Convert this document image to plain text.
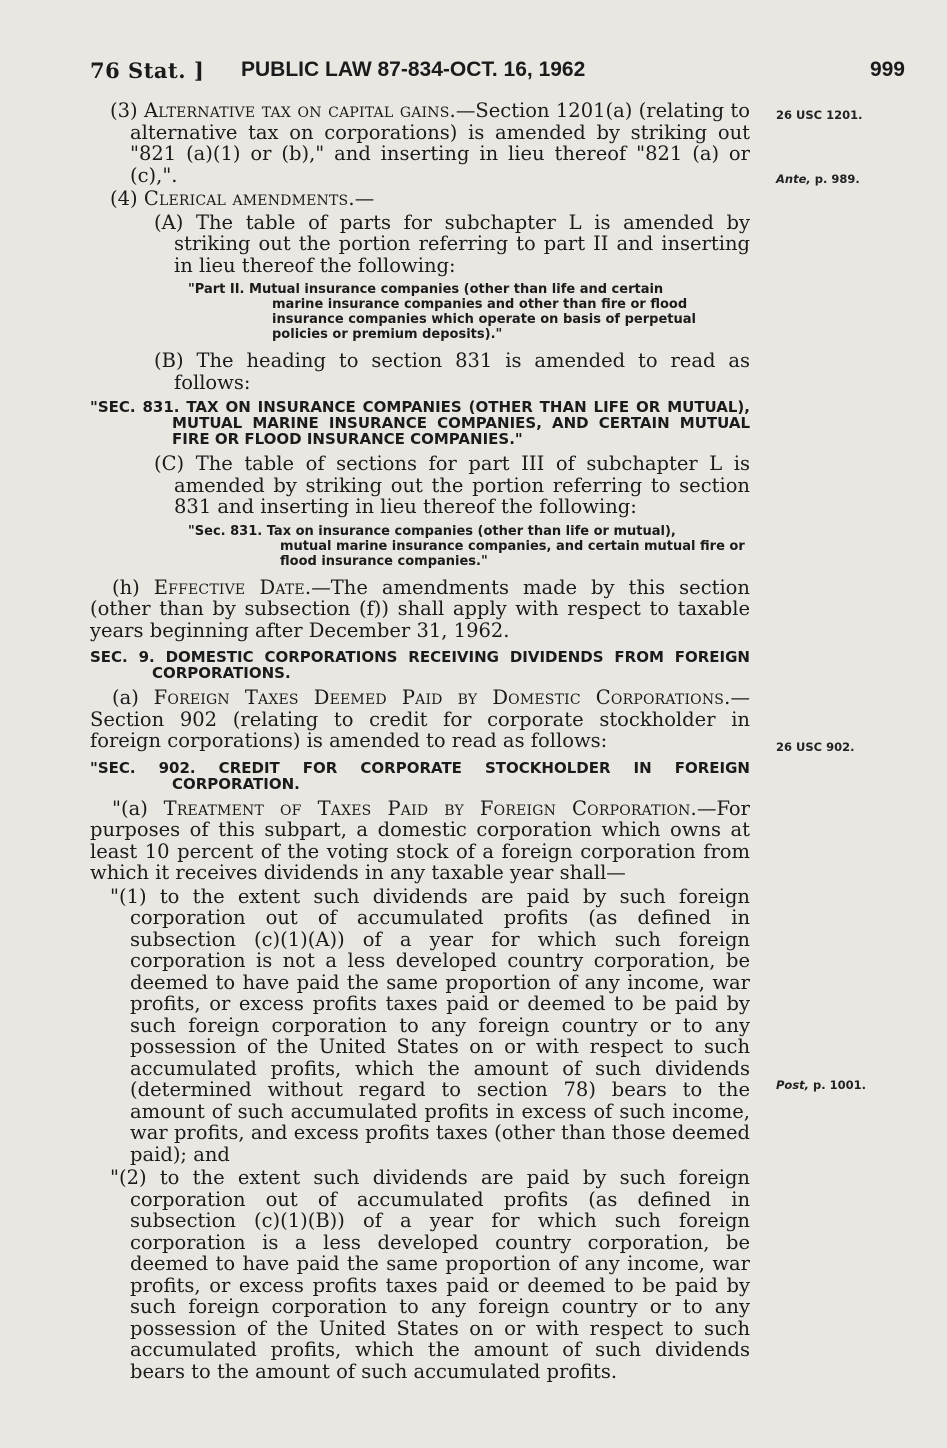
76 Stat. ] PUBLIC LAW 87-834-OCT. 16, 1962	999
26 USC 1201.
Ante, p. 989.
26 USC 902.
Post, p. 1001.

(3) Alternative tax on capital gains.—Section 1201(a) (relating to alternative tax on corporations) is amended by striking out "821 (a)(1) or (b)," and inserting in lieu thereof "821 (a) or (c),".

(4) Clerical amendments.—

(A) The table of parts for subchapter L is amended by striking out the portion referring to part II and inserting in lieu thereof the following:

"Part II. Mutual insurance companies (other than life and certain
marine insurance companies and other than fire or flood insurance companies which operate on basis of perpetual policies or premium deposits)."

(B) The heading to section 831 is amended to read as follows:

"SEC. 831. TAX ON INSURANCE COMPANIES (OTHER THAN LIFE OR MUTUAL), MUTUAL MARINE INSURANCE COMPANIES, AND CERTAIN MUTUAL FIRE OR FLOOD INSURANCE COMPANIES."

(C) The table of sections for part III of subchapter L is amended by striking out the portion referring to section 831 and inserting in lieu thereof the following:

"Sec. 831. Tax on insurance companies (other than life or mutual),
mutual marine insurance companies, and certain mutual fire or flood insurance companies."

(h) Effective Date.—The amendments made by this section (other than by subsection (f)) shall apply with respect to taxable years beginning after December 31, 1962.

SEC. 9. DOMESTIC CORPORATIONS RECEIVING DIVIDENDS FROM FOREIGN CORPORATIONS.

(a) Foreign Taxes Deemed Paid by Domestic Corporations.—Section 902 (relating to credit for corporate stockholder in foreign corporations) is amended to read as follows:

"SEC. 902. CREDIT FOR CORPORATE STOCKHOLDER IN FOREIGN CORPORATION.

"(a) Treatment of Taxes Paid by Foreign Corporation.—For purposes of this subpart, a domestic corporation which owns at least 10 percent of the voting stock of a foreign corporation from which it receives dividends in any taxable year shall—

"(1) to the extent such dividends are paid by such foreign corporation out of accumulated profits (as defined in subsection (c)(1)(A)) of a year for which such foreign corporation is not a less developed country corporation, be deemed to have paid the same proportion of any income, war profits, or excess profits taxes paid or deemed to be paid by such foreign corporation to any foreign country or to any possession of the United States on or with respect to such accumulated profits, which the amount of such dividends (determined without regard to section 78) bears to the amount of such accumulated profits in excess of such income, war profits, and excess profits taxes (other than those deemed paid); and

"(2) to the extent such dividends are paid by such foreign corporation out of accumulated profits (as defined in subsection (c)(1)(B)) of a year for which such foreign corporation is a less developed country corporation, be deemed to have paid the same proportion of any income, war profits, or excess profits taxes paid or deemed to be paid by such foreign corporation to any foreign country or to any possession of the United States on or with respect to such accumulated profits, which the amount of such dividends bears to the amount of such accumulated profits.
